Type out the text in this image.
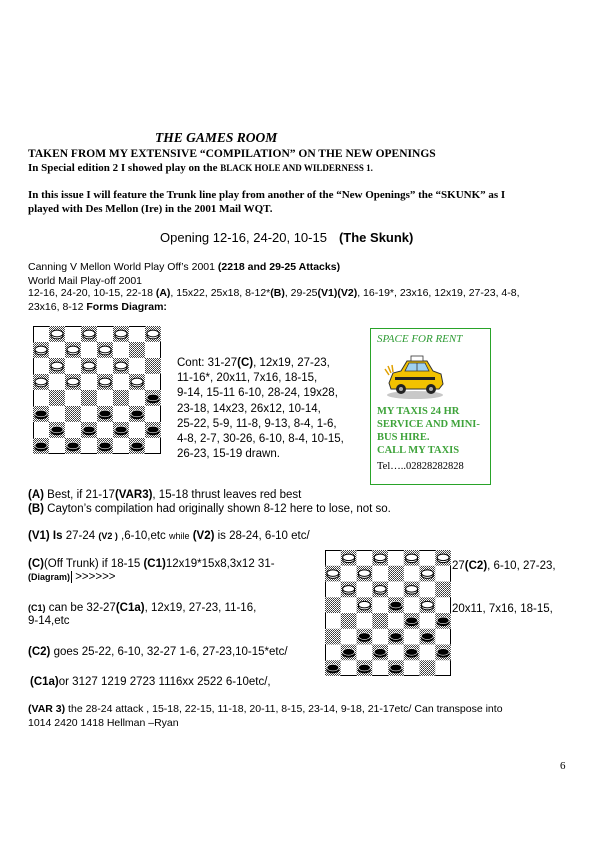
THE GAMES ROOM
TAKEN FROM MY EXTENSIVE “COMPILATION” ON THE NEW OPENINGS
In Special edition 2 I showed play on the BLACK HOLE AND WILDERNESS 1.
In this issue I will feature the Trunk line play from another of the “New Openings” the “SKUNK” as I
played with Des Mellon (Ire) in the 2001 Mail WQT.
Opening 12-16, 24-20, 10-15 (The Skunk)
Canning V Mellon World Play Off’s 2001 (2218 and 29-25 Attacks)
World Mail Play-off 2001
12-16, 24-20, 10-15, 22-18 (A), 15x22, 25x18, 8-12*(B), 29-25(V1)(V2), 16-19*, 23x16, 12x19, 27-23, 4-8,
23x16, 8-12 Forms Diagram:
Cont: 31-27(C), 12x19, 27-23,
11-16*, 20x11, 7x16, 18-15,
9-14, 15-11 6-10, 28-24, 19x28,
23-18, 14x23, 26x12, 10-14,
25-22, 5-9, 11-8, 9-13, 8-4, 1-6,
4-8, 2-7, 30-26, 6-10, 8-4, 10-15,
26-23, 15-19 drawn.
SPACE FOR RENT
MY TAXIS 24 HR
SERVICE AND MINI-
BUS HIRE.
CALL MY TAXIS
Tel…..02828282828
(A) Best, if 21-17(VAR3), 15-18 thrust leaves red best
(B) Cayton’s compilation had originally shown 8-12 here to lose, not so.
(V1) Is 27-24 (V2 ) ,6-10,etc while (V2) is 28-24, 6-10 etc/
(C)(Off Trunk) if 18-15 (C1)12x19*15x8,3x12 31-
(Diagram) >>>>>>
27(C2), 6-10, 27-23,
(C1) can be 32-27(C1a), 12x19, 27-23, 11-16,
9-14,etc
20x11, 7x16, 18-15,
(C2) goes 25-22, 6-10, 32-27 1-6, 27-23,10-15*etc/
(C1a)or 3127 1219 2723 1116xx 2522 6-10etc/,
(VAR 3) the 28-24 attack , 15-18, 22-15, 11-18, 20-11, 8-15, 23-14, 9-18, 21-17etc/ Can transpose into
1014 2420 1418 Hellman –Ryan
6
